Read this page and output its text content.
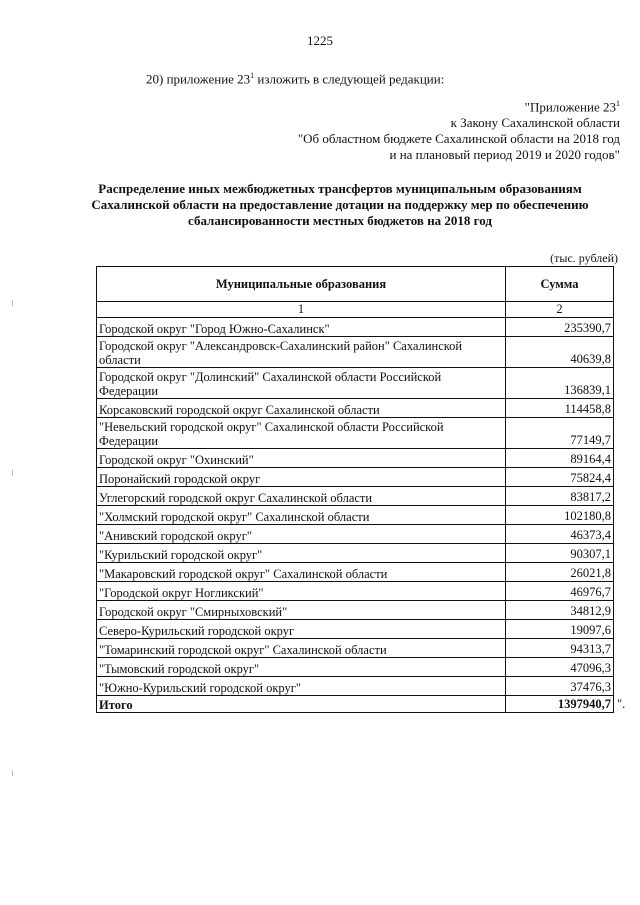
1225
20) приложение $23^1$ изложить в следующей редакции:
"Приложение $23^1$
к Закону Сахалинской области
"Об областном бюджете Сахалинской области на 2018 год
и на плановый период 2019 и 2020 годов"
Распределение иных межбюджетных трансфертов муниципальным образованиям
Сахалинской области на предоставление дотации на поддержку мер по обеспечению
сбалансированности местных бюджетов на 2018 год
(тыс. рублей)
Муниципальные образования	Сумма
1	2
Городской округ "Город Южно-Сахалинск"	235390,7
Городской округ "Александровск-Сахалинский район" Сахалинской области	40639,8
Городской округ "Долинский" Сахалинской области Российской Федерации	136839,1
Корсаковский городской округ Сахалинской области	114458,8
"Невельский городской округ" Сахалинской области Российской Федерации	77149,7
Городской округ "Охинский"	89164,4
Поронайский городской округ	75824,4
Углегорский городской округ Сахалинской области	83817,2
"Холмский городской округ" Сахалинской области	102180,8
"Анивский городской округ"	46373,4
"Курильский городской округ"	90307,1
"Макаровский городской округ" Сахалинской области	26021,8
"Городской округ Ногликский"	46976,7
Городской округ "Смирныховский"	34812,9
Северо-Курильский городской округ	19097,6
"Томаринский городской округ" Сахалинской области	94313,7
"Тымовский городской округ"	47096,3
"Южно-Курильский городской округ"	37476,3
Итого	1397940,7 ".
